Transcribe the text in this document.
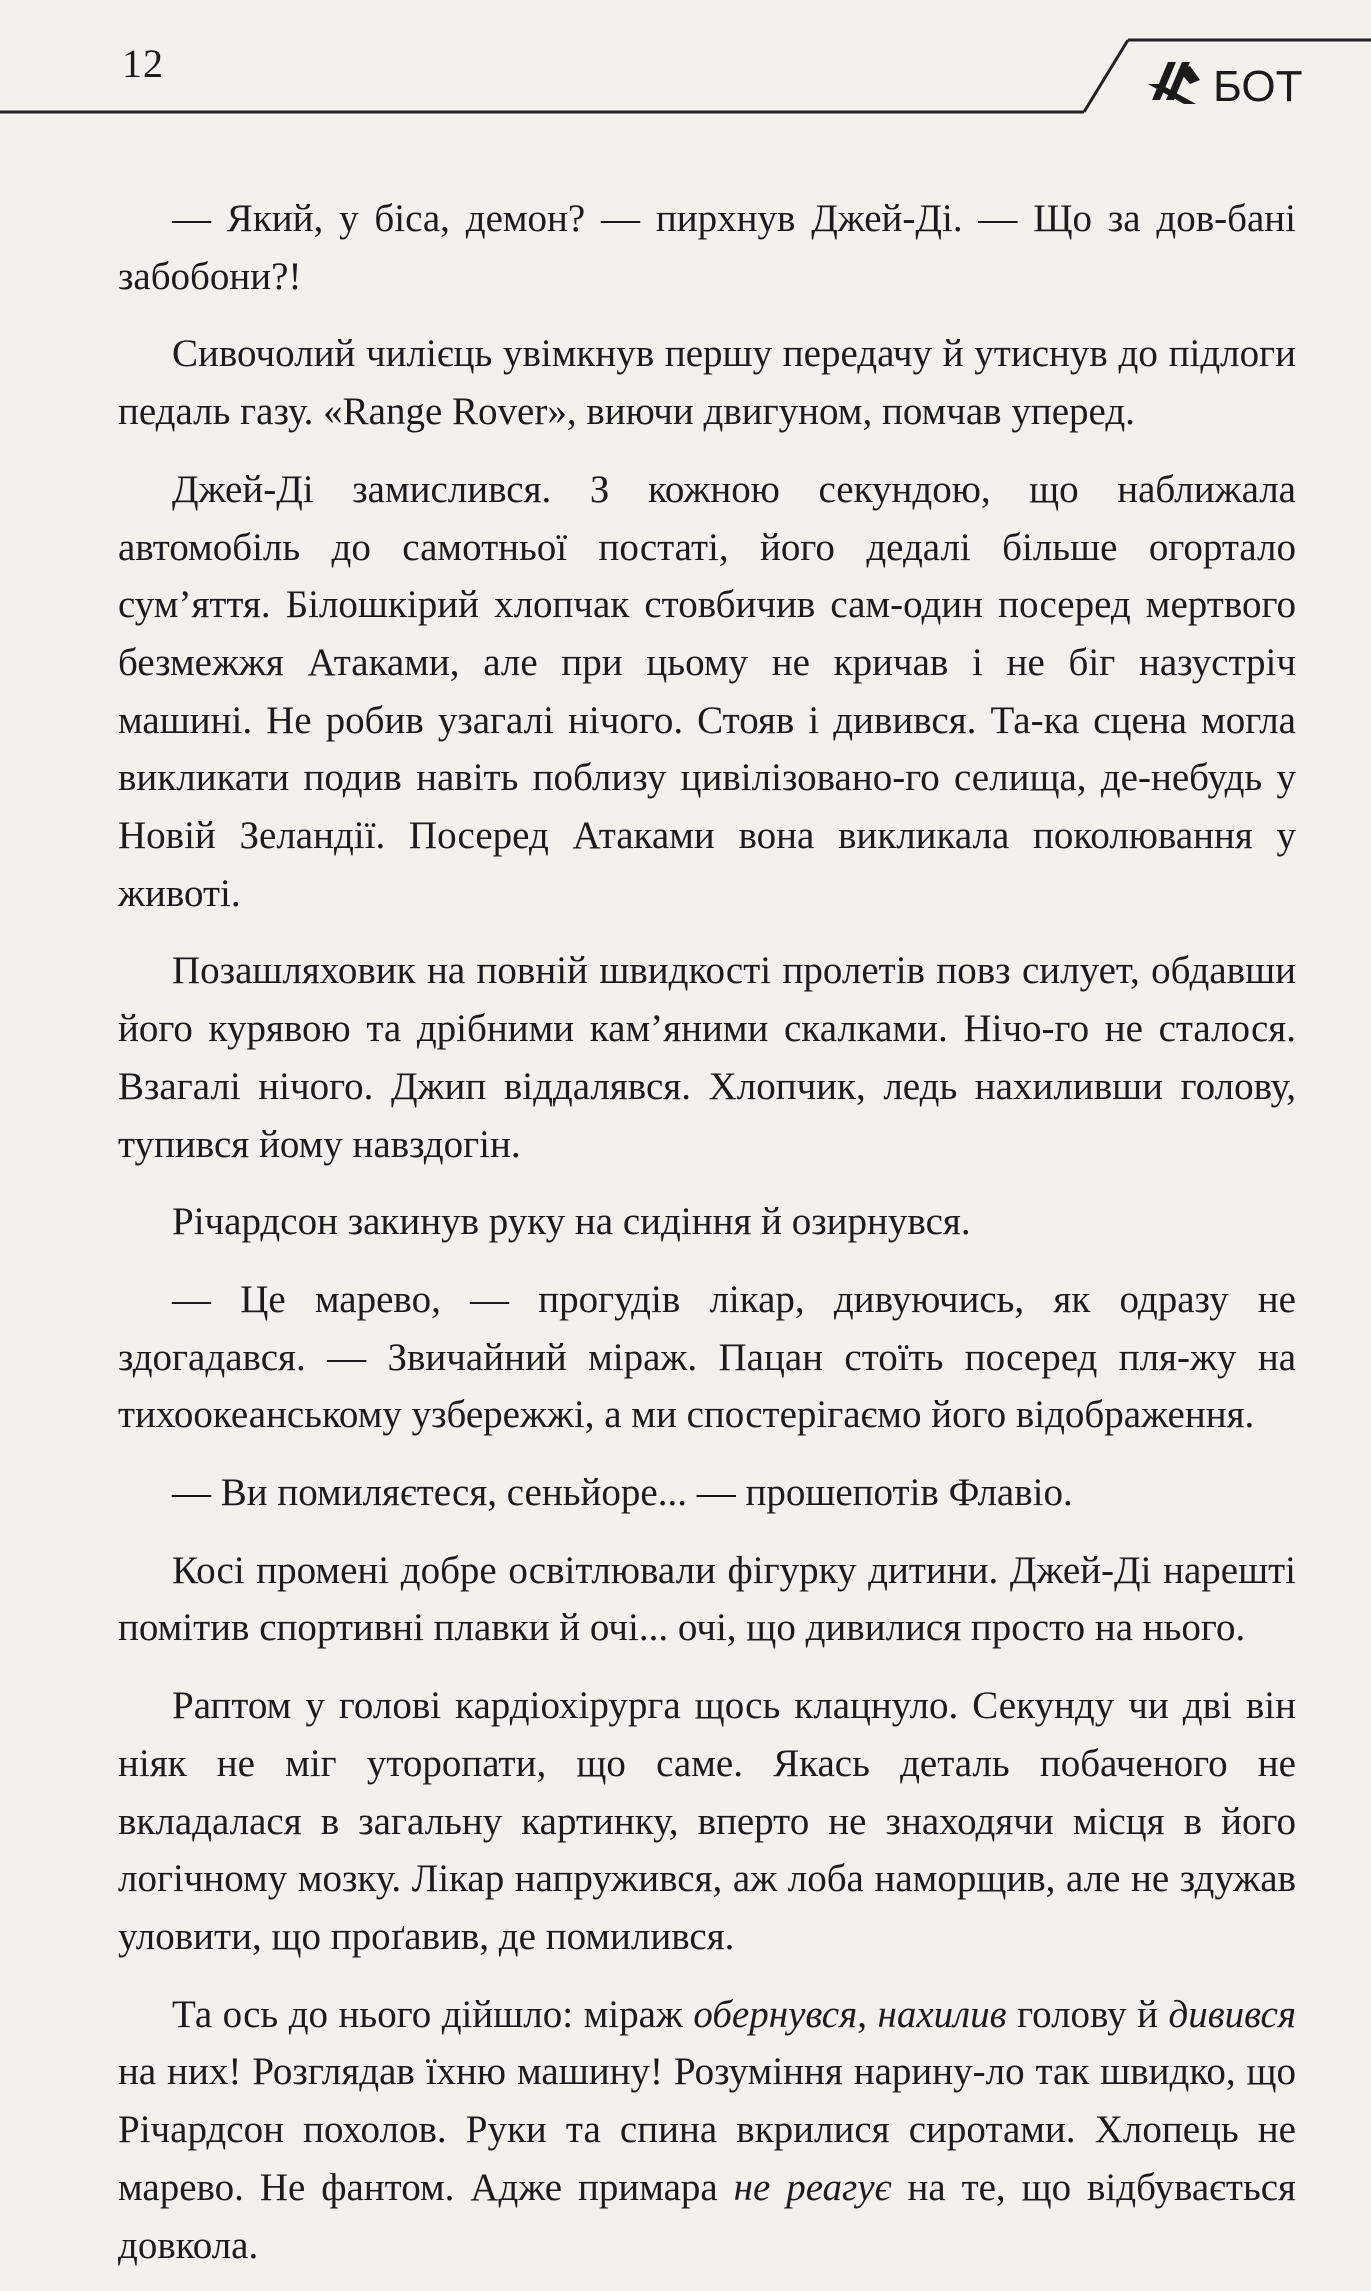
12	БОТ

— Який, у біса, демон? — пирхнув Джей-Ді. — Що за дов-бані забобони?!

Сивочолий чилієць увімкнув першу передачу й утиснув до підлоги педаль газу. «Range Rover», виючи двигуном, помчав уперед.

Джей-Ді замислився. З кожною секундою, що наближала автомобіль до самотньої постаті, його дедалі більше огортало сум’яття. Білошкірий хлопчак стовбичив сам-один посеред мертвого безмежжя Атаками, але при цьому не кричав і не біг назустріч машині. Не робив узагалі нічого. Стояв і дивився. Та-ка сцена могла викликати подив навіть поблизу цивілізовано-го селища, де-небудь у Новій Зеландії. Посеред Атаками вона викликала поколювання у животі.

Позашляховик на повній швидкості пролетів повз силует, обдавши його курявою та дрібними кам’яними скалками. Нічо-го не сталося. Взагалі нічого. Джип віддалявся. Хлопчик, ледь нахиливши голову, тупився йому навздогін.

Річардсон закинув руку на сидіння й озирнувся.

— Це марево, — прогудів лікар, дивуючись, як одразу не здогадався. — Звичайний міраж. Пацан стоїть посеред пля-жу на тихоокеанському узбережжі, а ми спостерігаємо його відображення.

— Ви помиляєтеся, сеньйоре... — прошепотів Флавіо.

Косі промені добре освітлювали фігурку дитини. Джей-Ді нарешті помітив спортивні плавки й очі... очі, що дивилися просто на нього.

Раптом у голові кардіохірурга щось клацнуло. Секунду чи дві він ніяк не міг уторопати, що саме. Якась деталь побаченого не вкладалася в загальну картинку, вперто не знаходячи місця в його логічному мозку. Лікар напружився, аж лоба наморщив, але не здужав уловити, що проґавив, де помилився.

Та ось до нього дійшло: міраж обернувся, нахилив голову й дивився на них! Розглядав їхню машину! Розуміння нарину-ло так швидко, що Річардсон похолов. Руки та спина вкрилися сиротами. Хлопець не марево. Не фантом. Адже примара не реагує на те, що відбувається довкола.
